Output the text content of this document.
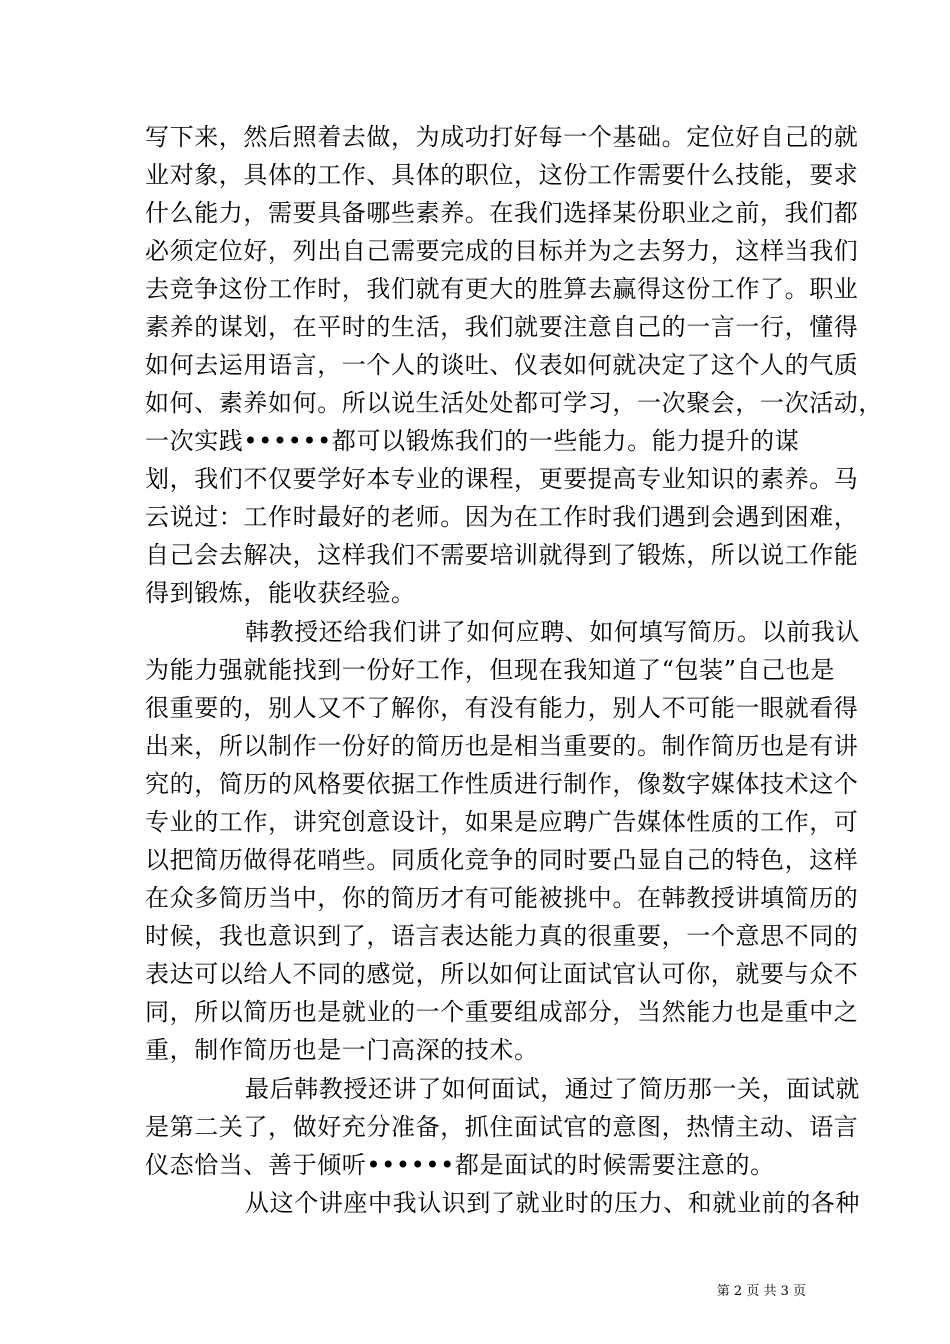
写下来，然后照着去做，为成功打好每一个基础。定位好自己的就
业对象，具体的工作、具体的职位，这份工作需要什么技能，要求
什么能力，需要具备哪些素养。在我们选择某份职业之前，我们都
必须定位好，列出自己需要完成的目标并为之去努力，这样当我们
去竞争这份工作时，我们就有更大的胜算去赢得这份工作了。职业
素养的谋划，在平时的生活，我们就要注意自己的一言一行，懂得
如何去运用语言，一个人的谈吐、仪表如何就决定了这个人的气质
如何、素养如何。所以说生活处处都可学习，一次聚会，一次活动，
一次实践••••••都可以锻炼我们的一些能力。能力提升的谋
划，我们不仅要学好本专业的课程，更要提高专业知识的素养。马
云说过：工作时最好的老师。因为在工作时我们遇到会遇到困难，
自己会去解决，这样我们不需要培训就得到了锻炼，所以说工作能
得到锻炼，能收获经验。
韩教授还给我们讲了如何应聘、如何填写简历。以前我认
为能力强就能找到一份好工作，但现在我知道了“包装”自己也是
很重要的，别人又不了解你，有没有能力，别人不可能一眼就看得
出来，所以制作一份好的简历也是相当重要的。制作简历也是有讲
究的，简历的风格要依据工作性质进行制作，像数字媒体技术这个
专业的工作，讲究创意设计，如果是应聘广告媒体性质的工作，可
以把简历做得花哨些。同质化竞争的同时要凸显自己的特色，这样
在众多简历当中，你的简历才有可能被挑中。在韩教授讲填简历的
时候，我也意识到了，语言表达能力真的很重要，一个意思不同的
表达可以给人不同的感觉，所以如何让面试官认可你，就要与众不
同，所以简历也是就业的一个重要组成部分，当然能力也是重中之
重，制作简历也是一门高深的技术。
最后韩教授还讲了如何面试，通过了简历那一关，面试就
是第二关了，做好充分准备，抓住面试官的意图，热情主动、语言
仪态恰当、善于倾听••••••都是面试的时候需要注意的。
从这个讲座中我认识到了就业时的压力、和就业前的各种
第 2 页 共 3 页
